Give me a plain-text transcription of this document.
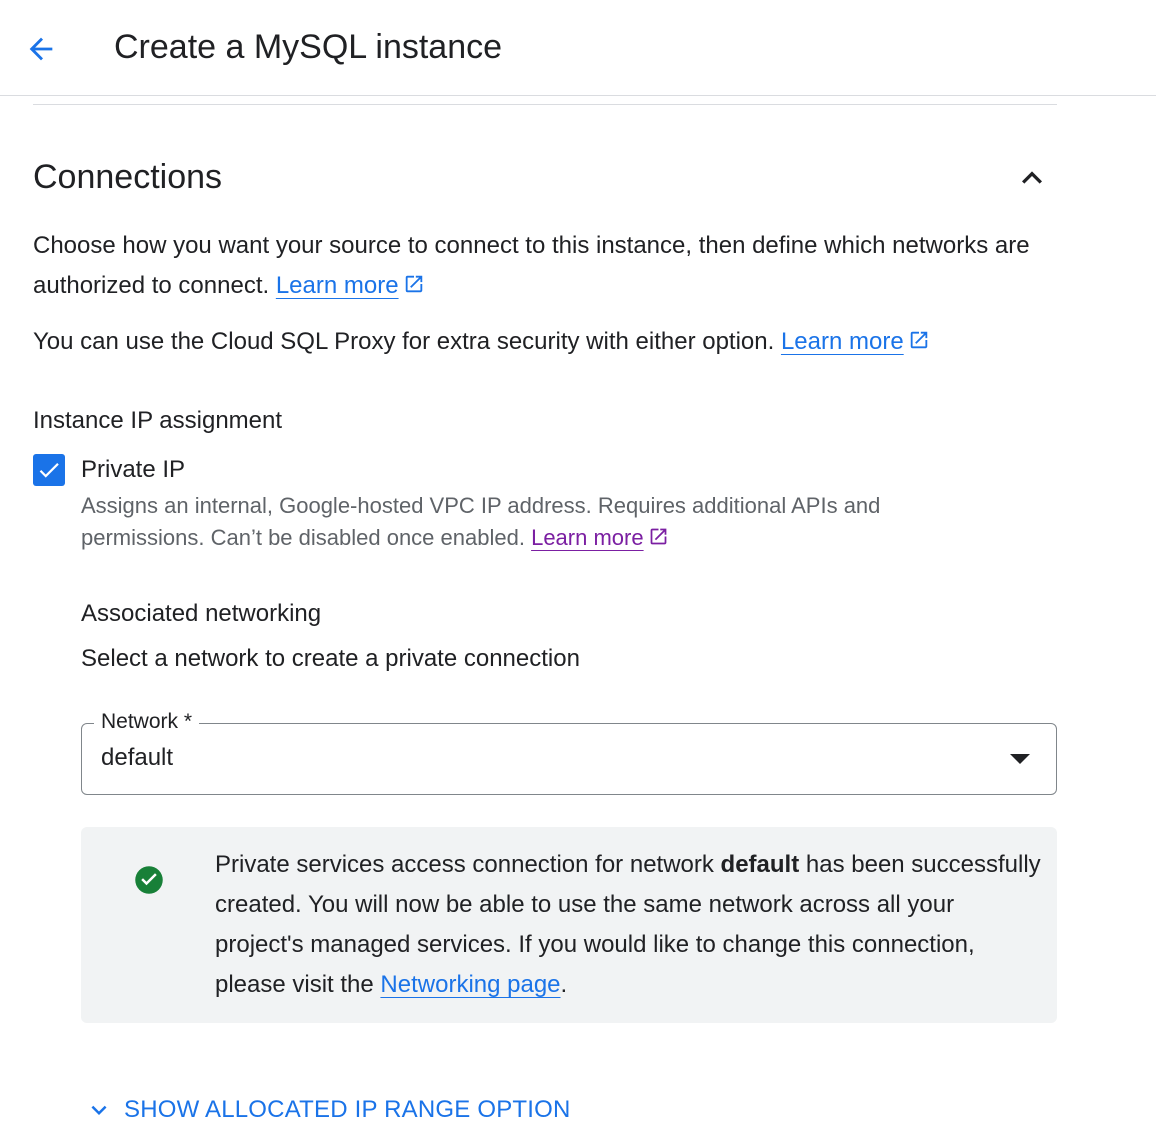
Create a MySQL instance
Connections
Choose how you want your source to connect to this instance, then define which networks are authorized to connect. Learn more
You can use the Cloud SQL Proxy for extra security with either option. Learn more
Instance IP assignment
Private IP
Assigns an internal, Google-hosted VPC IP address. Requires additional APIs and permissions. Can’t be disabled once enabled. Learn more
Associated networking
Select a network to create a private connection
default
Network *
Private services access connection for network default has been successfully created. You will now be able to use the same network across all your project's managed services. If you would like to change this connection, please visit the Networking page.
SHOW ALLOCATED IP RANGE OPTION
